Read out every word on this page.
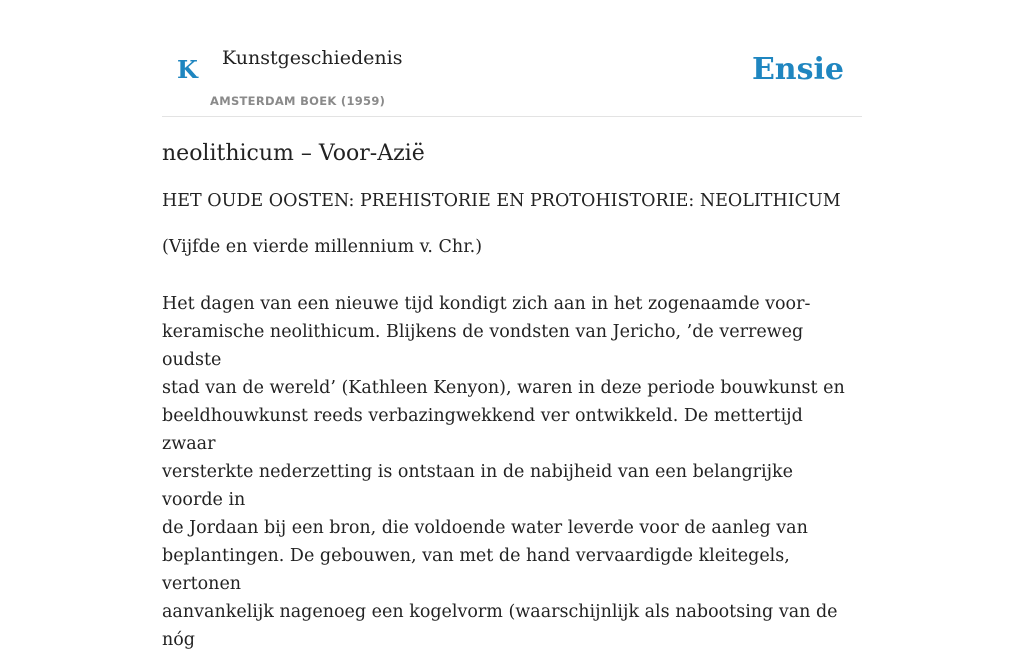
K Kunstgeschiedenis
AMSTERDAM BOEK (1959)
Ensie
neolithicum – Voor-Azië
HET OUDE OOSTEN: PREHISTORIE EN PROTOHISTORIE: NEOLITHICUM

(Vijfde en vierde millennium v. Chr.)

Het dagen van een nieuwe tijd kondigt zich aan in het zogenaamde voor-
keramische neolithicum. Blijkens de vondsten van Jericho, ’de verreweg oudste
stad van de wereld’ (Kathleen Kenyon), waren in deze periode bouwkunst en
beeldhouwkunst reeds verbazingwekkend ver ontwikkeld. De mettertijd zwaar
versterkte nederzetting is ontstaan in de nabijheid van een belangrijke voorde in
de Jordaan bij een bron, die voldoende water leverde voor de aanleg van
beplantingen. De gebouwen, van met de hand vervaardigde kleitegels, vertonen
aanvankelijk nagenoeg een kogelvorm (waarschijnlijk als nabootsing van de nóg
